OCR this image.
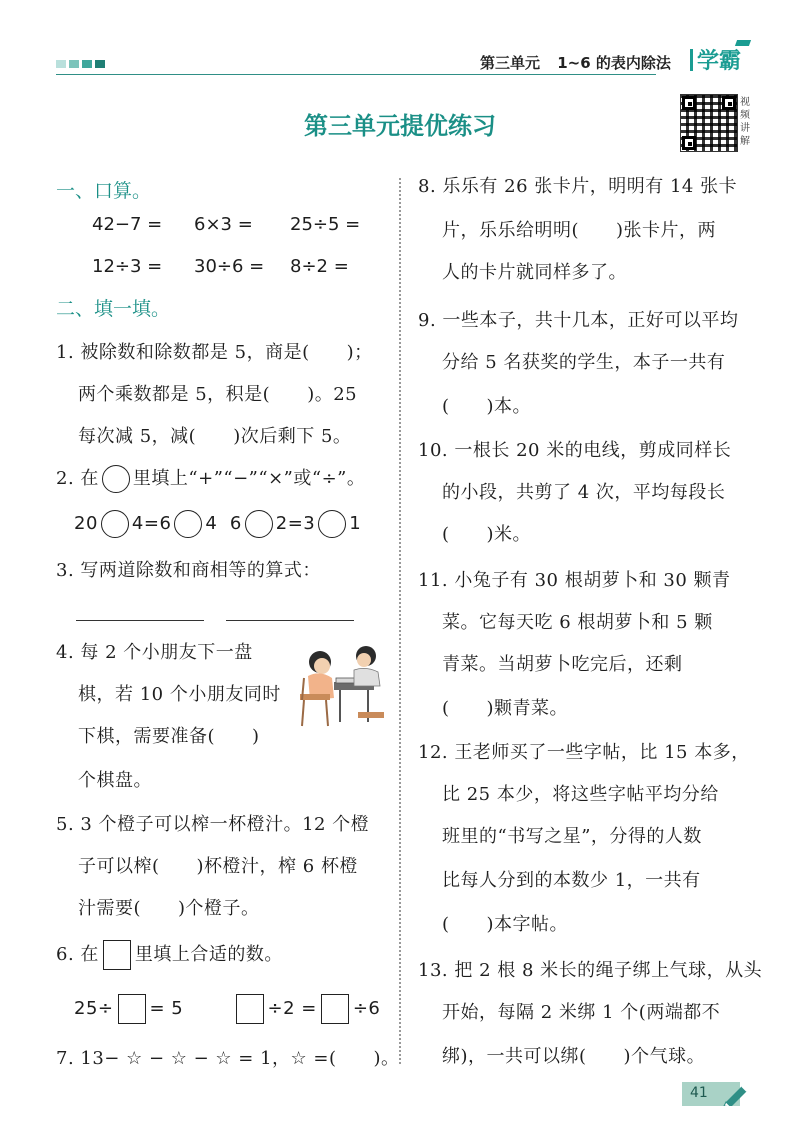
第三单元 1~6 的表内除法	学霸
第三单元提优练习
视频讲解
一、口算。
42−7 = 6×3 = 25÷5 =
12÷3 = 30÷6 = 8÷2 =
二、填一填。
1. 被除数和除数都是 5，商是(　　)；
两个乘数都是 5，积是(　　)。25
每次减 5，减(　　)次后剩下 5。
2. 在 里填上“+”“−”“×”或“÷”。
20 4=6 4 6 2=3 1
3. 写两道除数和商相等的算式：
4. 每 2 个小朋友下一盘
棋，若 10 个小朋友同时
下棋，需要准备(　　)
个棋盘。
5. 3 个橙子可以榨一杯橙汁。12 个橙
子可以榨(　　)杯橙汁，榨 6 杯橙
汁需要(　　)个橙子。
6. 在 里填上合适的数。
25÷ = 5	÷2 = ÷6
7. 13− ☆ − ☆ − ☆ = 1，☆ =(　　)。
8. 乐乐有 26 张卡片，明明有 14 张卡
片，乐乐给明明(　　)张卡片，两
人的卡片就同样多了。
9. 一些本子，共十几本，正好可以平均
分给 5 名获奖的学生，本子一共有
(　　)本。
10. 一根长 20 米的电线，剪成同样长
的小段，共剪了 4 次，平均每段长
(　　)米。
11. 小兔子有 30 根胡萝卜和 30 颗青
菜。它每天吃 6 根胡萝卜和 5 颗
青菜。当胡萝卜吃完后，还剩
(　　)颗青菜。
12. 王老师买了一些字帖，比 15 本多，
比 25 本少，将这些字帖平均分给
班里的“书写之星”，分得的人数
比每人分到的本数少 1，一共有
(　　)本字帖。
13. 把 2 根 8 米长的绳子绑上气球，从头
开始，每隔 2 米绑 1 个(两端都不
绑)，一共可以绑(　　)个气球。
41
